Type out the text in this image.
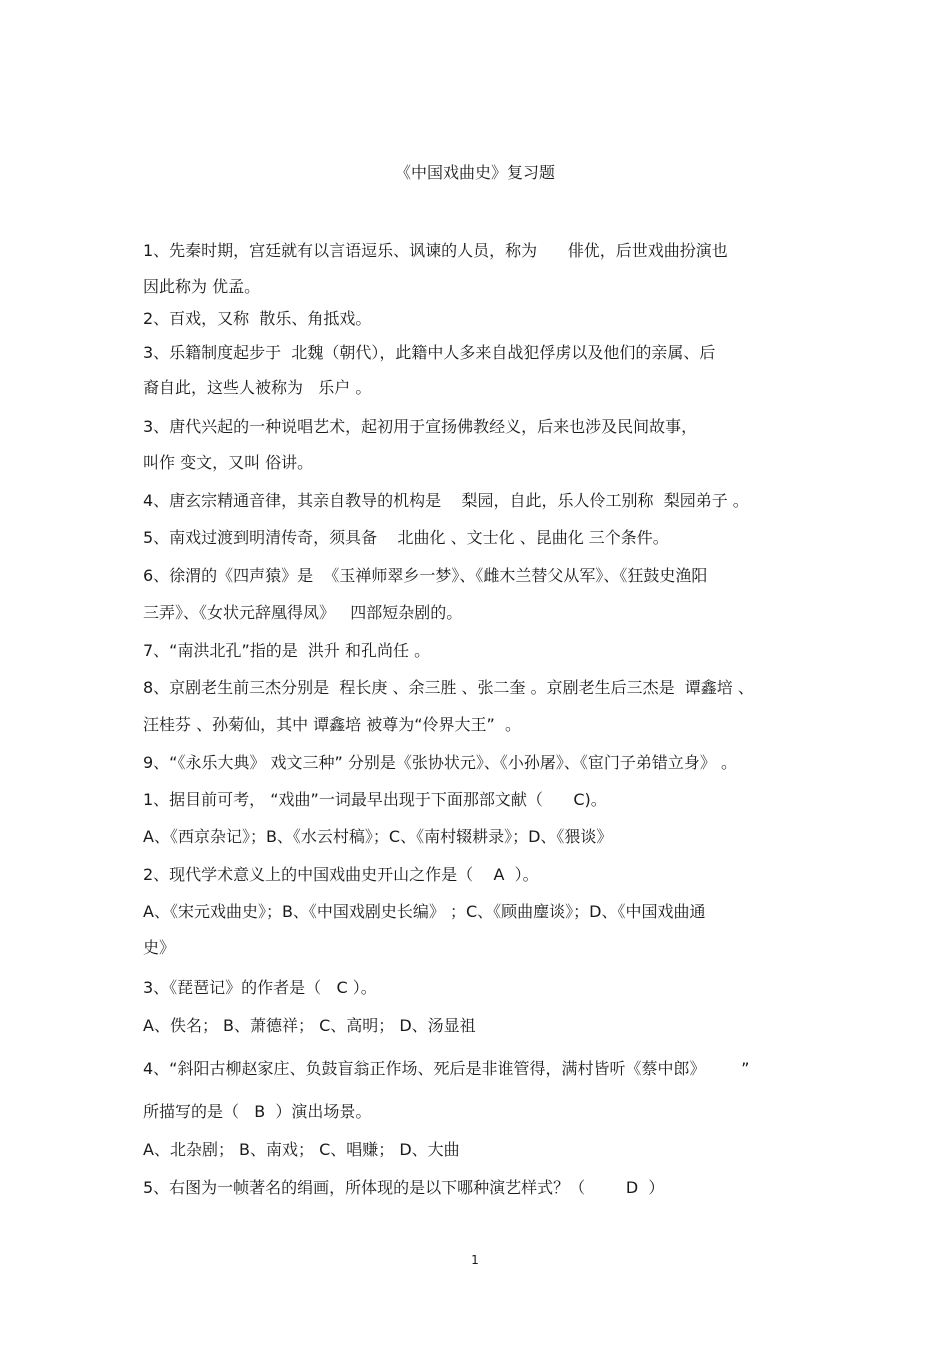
《中国戏曲史》复习题
1、先秦时期，宫廷就有以言语逗乐、讽谏的人员，称为      俳优，后世戏曲扮演也
因此称为 优孟。
2、百戏，又称  散乐、角抵戏。
3、乐籍制度起步于  北魏（朝代），此籍中人多来自战犯俘虏以及他们的亲属、后
裔自此，这些人被称为   乐户 。
3、唐代兴起的一种说唱艺术，起初用于宣扬佛教经义，后来也涉及民间故事，
叫作 变文，又叫 俗讲。
4、唐玄宗精通音律，其亲自教导的机构是    梨园，自此，乐人伶工别称  梨园弟子 。
5、南戏过渡到明清传奇，须具备    北曲化 、文士化 、昆曲化 三个条件。
6、徐渭的《四声猿》是  《玉禅师翠乡一梦》、《雌木兰替父从军》、《狂鼓史渔阳
三弄》、《女状元辞凰得凤》   四部短杂剧的。
7、“南洪北孔”指的是  洪升 和孔尚任 。
8、京剧老生前三杰分别是  程长庚 、余三胜 、张二奎 。京剧老生后三杰是  谭鑫培 、
汪桂芬 、孙菊仙，其中 谭鑫培 被尊为“伶界大王”  。
9、“《永乐大典》 戏文三种” 分别是《张协状元》、《小孙屠》、《宦门子弟错立身》 。
1、据目前可考， “戏曲”一词最早出现于下面那部文献（      C)。
A、《西京杂记》；B、《水云村稿》；C、《南村辍耕录》；D、《猥谈》
2、现代学术意义上的中国戏曲史开山之作是（    A  ）。
A、《宋元戏曲史》；B、《中国戏剧史长编》 ；C、《顾曲麈谈》；D、《中国戏曲通
史》
3、《琵琶记》的作者是（   C ）。
A、佚名； B、萧德祥； C、高明； D、汤显祖
4、“斜阳古柳赵家庄、负鼓盲翁正作场、死后是非谁管得，满村皆听《蔡中郎》       ”
所描写的是（   B  ）演出场景。
A、北杂剧； B、南戏； C、唱赚； D、大曲
5、右图为一帧著名的绢画，所体现的是以下哪种演艺样式？（        D  ）
1
